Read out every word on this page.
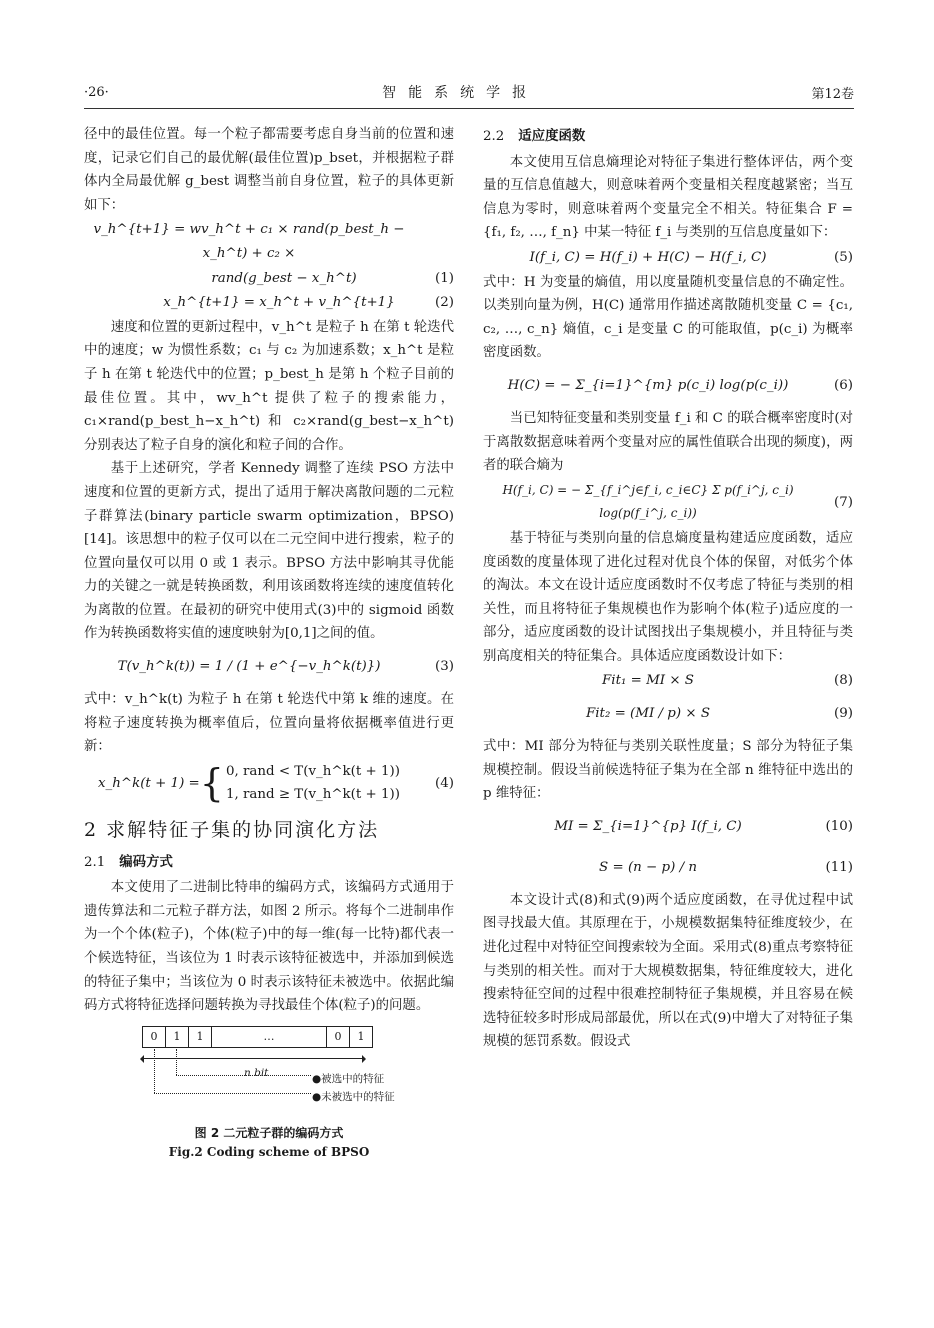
·26·	智能系统学报	第12卷

径中的最佳位置。每一个粒子都需要考虑自身当前的位置和速度，记录它们自己的最优解(最佳位置)p_bset，并根据粒子群体内全局最优解 g_best 调整当前自身位置，粒子的具体更新如下：

v_h^{t+1} = wv_h^t + c₁ × rand(p_best_h − x_h^t) + c₂ ×
rand(g_best − x_h^t)	(1)
x_h^{t+1} = x_h^t + v_h^{t+1}	(2)

速度和位置的更新过程中，v_h^t 是粒子 h 在第 t 轮迭代中的速度；w 为惯性系数；c₁ 与 c₂ 为加速系数；x_h^t 是粒子 h 在第 t 轮迭代中的位置；p_best_h 是第 h 个粒子目前的最佳位置。其中，wv_h^t 提供了粒子的搜索能力，c₁×rand(p_best_h−x_h^t) 和 c₂×rand(g_best−x_h^t) 分别表达了粒子自身的演化和粒子间的合作。

基于上述研究，学者 Kennedy 调整了连续 PSO 方法中速度和位置的更新方式，提出了适用于解决离散问题的二元粒子群算法(binary particle swarm optimization，BPSO)[14]。该思想中的粒子仅可以在二元空间中进行搜索，粒子的位置向量仅可以用 0 或 1 表示。BPSO 方法中影响其寻优能力的关键之一就是转换函数，利用该函数将连续的速度值转化为离散的位置。在最初的研究中使用式(3)中的 sigmoid 函数作为转换函数将实值的速度映射为[0,1]之间的值。

T(v_h^k(t)) = 1 / (1 + e^{−v_h^k(t)})	(3)

式中：v_h^k(t) 为粒子 h 在第 t 轮迭代中第 k 维的速度。在将粒子速度转换为概率值后，位置向量将依据概率值进行更新：

x_h^k(t + 1) = { 0, rand < T(v_h^k(t + 1))
1, rand ≥ T(v_h^k(t + 1))
(4)
2 求解特征子集的协同演化方法
2.1 编码方式

本文使用了二进制比特串的编码方式，该编码方式通用于遗传算法和二元粒子群方法，如图 2 所示。将每个二进制串作为一个个体(粒子)，个体(粒子)中的每一维(每一比特)都代表一个候选特征，当该位为 1 时表示该特征被选中，并添加到候选的特征子集中；当该位为 0 时表示该特征未被选中。依据此编码方式将特征选择问题转换为寻找最佳个体(粒子)的问题。

0	1	1	…	0	1
n bit	●被选中的特征
●未被选中的特征
图 2 二元粒子群的编码方式
Fig.2 Coding scheme of BPSO
2.2 适应度函数

本文使用互信息熵理论对特征子集进行整体评估，两个变量的互信息值越大，则意味着两个变量相关程度越紧密；当互信息为零时，则意味着两个变量完全不相关。特征集合 F = {f₁, f₂, …, f_n} 中某一特征 f_i 与类别的互信息度量如下：

I(f_i, C) = H(f_i) + H(C) − H(f_i, C)	(5)

式中：H 为变量的熵值，用以度量随机变量信息的不确定性。以类别向量为例，H(C) 通常用作描述离散随机变量 C = {c₁, c₂, …, c_n} 熵值，c_i 是变量 C 的可能取值，p(c_i) 为概率密度函数。

H(C) = − Σ_{i=1}^{m} p(c_i) log(p(c_i))	(6)

当已知特征变量和类别变量 f_i 和 C 的联合概率密度时(对于离散数据意味着两个变量对应的属性值联合出现的频度)，两者的联合熵为

H(f_i, C) = − Σ_{f_i^j∈f_i, c_i∈C} Σ p(f_i^j, c_i) log(p(f_i^j, c_i))
(7)

基于特征与类别向量的信息熵度量构建适应度函数，适应度函数的度量体现了进化过程对优良个体的保留，对低劣个体的淘汰。本文在设计适应度函数时不仅考虑了特征与类别的相关性，而且将特征子集规模也作为影响个体(粒子)适应度的一部分，适应度函数的设计试图找出子集规模小，并且特征与类别高度相关的特征集合。具体适应度函数设计如下：

Fit₁ = MI × S	(8)
Fit₂ = (MI / p) × S	(9)

式中：MI 部分为特征与类别关联性度量；S 部分为特征子集规模控制。假设当前候选特征子集为在全部 n 维特征中选出的 p 维特征：

MI = Σ_{i=1}^{p} I(f_i, C)	(10)
S = (n − p) / n	(11)

本文设计式(8)和式(9)两个适应度函数，在寻优过程中试图寻找最大值。其原理在于，小规模数据集特征维度较少，在进化过程中对特征空间搜索较为全面。采用式(8)重点考察特征与类别的相关性。而对于大规模数据集，特征维度较大，进化搜索特征空间的过程中很难控制特征子集规模，并且容易在候选特征较多时形成局部最优，所以在式(9)中增大了对特征子集规模的惩罚系数。假设式
